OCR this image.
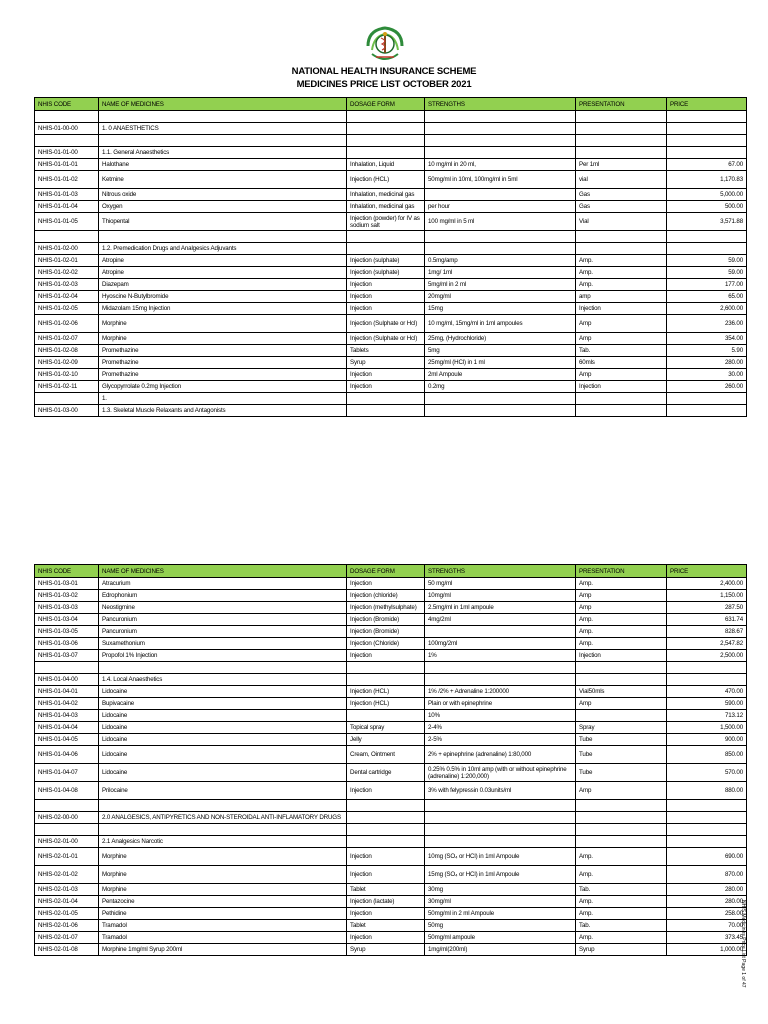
NATIONAL HEALTH INSURANCE SCHEME
MEDICINES PRICE LIST OCTOBER 2021
NHIS CODE	NAME OF MEDICINES	DOSAGE FORM	STRENGTHS	PRESENTATION	PRICE

NHIS-01-00-00	1. 0 ANAESTHETICS				

NHIS-01-01-00	1.1. General Anaesthetics				
NHIS-01-01-01	Halothane	Inhalation, Liquid	10 mg/ml in 20 ml,	Per 1ml	67.00
NHIS-01-01-02	Ketmine	Injection (HCL)	50mg/ml in 10ml, 100mg/ml in 5ml	vial	1,170.83
NHIS-01-01-03	Nitrous oxide	Inhalation, medicinal gas		Gas	5,000.00
NHIS-01-01-04	Oxygen	Inhalation, medicinal gas	per hour	Gas	500.00
NHIS-01-01-05	Thiopental	Injection (powder) for IV as sodium salt	100 mg/ml in 5 ml	Vial	3,571.88

NHIS-01-02-00	1.2. Premedication Drugs and Analgesics Adjuvants				
NHIS-01-02-01	Atropine	Injection (sulphate)	0.5mg/amp	Amp.	59.00
NHIS-01-02-02	Atropine	Injection (sulphate)	1mg/ 1ml	Amp.	59.00
NHIS-01-02-03	Diazepam	Injection	5mg/ml in 2 ml	Amp.	177.00
NHIS-01-02-04	Hyoscine N-Butylbromide	Injection	20mg/ml	amp	65.00
NHIS-01-02-05	Midazolam 15mg Injection	Injection	15mg	Injection	2,600.00
NHIS-01-02-06	Morphine	Injection (Sulphate or Hcl)	10 mg/ml, 15mg/ml in 1ml ampoules	Amp	236.00
NHIS-01-02-07	Morphine	Injection (Sulphate or Hcl)	25mg, (Hydrochloride)	Amp	354.00
NHIS-01-02-08	Promethazine	Tablets	5mg	Tab.	5.90
NHIS-01-02-09	Promethazine	Syrup	25mg/ml (HCl) in 1 ml	60mls	280.00
NHIS-01-02-10	Promethazine	Injection	2ml Ampoule	Amp	30.00
NHIS-01-02-11	Glycopyrrolate 0.2mg Injection	Injection	0.2mg	Injection	260.00
	1.				
NHIS-01-03-00	1.3. Skeletal Muscle Relaxants and Antagonists				
NHIS CODE	NAME OF MEDICINES	DOSAGE FORM	STRENGTHS	PRESENTATION	PRICE
NHIS-01-03-01	Atracurium	Injection	50 mg/ml	Amp.	2,400.00
NHIS-01-03-02	Edrophonium	Injection (chloride)	10mg/ml	Amp	1,150.00
NHIS-01-03-03	Neostigmine	Injection (methylsulphate)	2.5mg/ml in 1ml ampoule	Amp	287.50
NHIS-01-03-04	Pancuronium	Injection (Bromide)	4mg/2ml	Amp.	631.74
NHIS-01-03-05	Pancuronium	Injection (Bromide)		Amp.	828.67
NHIS-01-03-06	Suxamethonium	Injection (Chloride)	100mg/2ml	Amp.	2,547.82
NHIS-01-03-07	Propofol 1% Injection	Injection	1%	Injection	2,500.00

NHIS-01-04-00	1.4. Local Anaesthetics				
NHIS-01-04-01	Lidocaine	Injection (HCL)	1% /2% + Adrenaline 1:200000	Vial50mls	470.00
NHIS-01-04-02	Bupivacaine	Injection (HCL)	Plain or with epinephrine	Amp	590.00
NHIS-01-04-03	Lidocaine		10%		713.12
NHIS-01-04-04	Lidocaine	Topical spray	2-4%	Spray	1,500.00
NHIS-01-04-05	Lidocaine	Jelly	2-5%	Tube	900.00
NHIS-01-04-06	Lidocaine	Cream, Ointment	2% + epinephrine (adrenaline) 1:80,000	Tube	850.00
NHIS-01-04-07	Lidocaine	Dental cartridge	0.25% 0.5% in 10ml amp (with or without epinephrine (adrenaline) 1:200,000)	Tube	570.00
NHIS-01-04-08	Prilocaine	Injection	3% with felypressin 0.03units/ml	Amp	880.00

NHIS-02-00-00	2.0 ANALGESICS, ANTIPYRETICS AND NON-STEROIDAL ANTI-INFLAMATORY DRUGS				

NHIS-02-01-00	2.1 Analgesics Narcotic				
NHIS-02-01-01	Morphine	Injection	10mg (SO₄ or HCl) in 1ml Ampoule	Amp.	690.00
NHIS-02-01-02	Morphine	Injection	15mg (SO₄ or HCl) in 1ml Ampoule	Amp.	870.00
NHIS-02-01-03	Morphine	Tablet	30mg	Tab.	280.00
NHIS-02-01-04	Pentazocine	Injection (lactate)	30mg/ml	Amp.	280.00
NHIS-02-01-05	Pethidine	Injection	50mg/ml in 2 ml Ampoule	Amp.	258.00
NHIS-02-01-06	Tramadol	Tablet	50mg	Tab.	70.00
NHIS-02-01-07	Tramadol	Injection	50mg/ml ampoule	Amp.	373.45
NHIS-02-01-08	Morphine 1mg/ml Syrup 200ml	Syrup	1mg/ml(200ml)	Syrup	1,000.00
NHIS Medicines Price List Page 1 of 47
